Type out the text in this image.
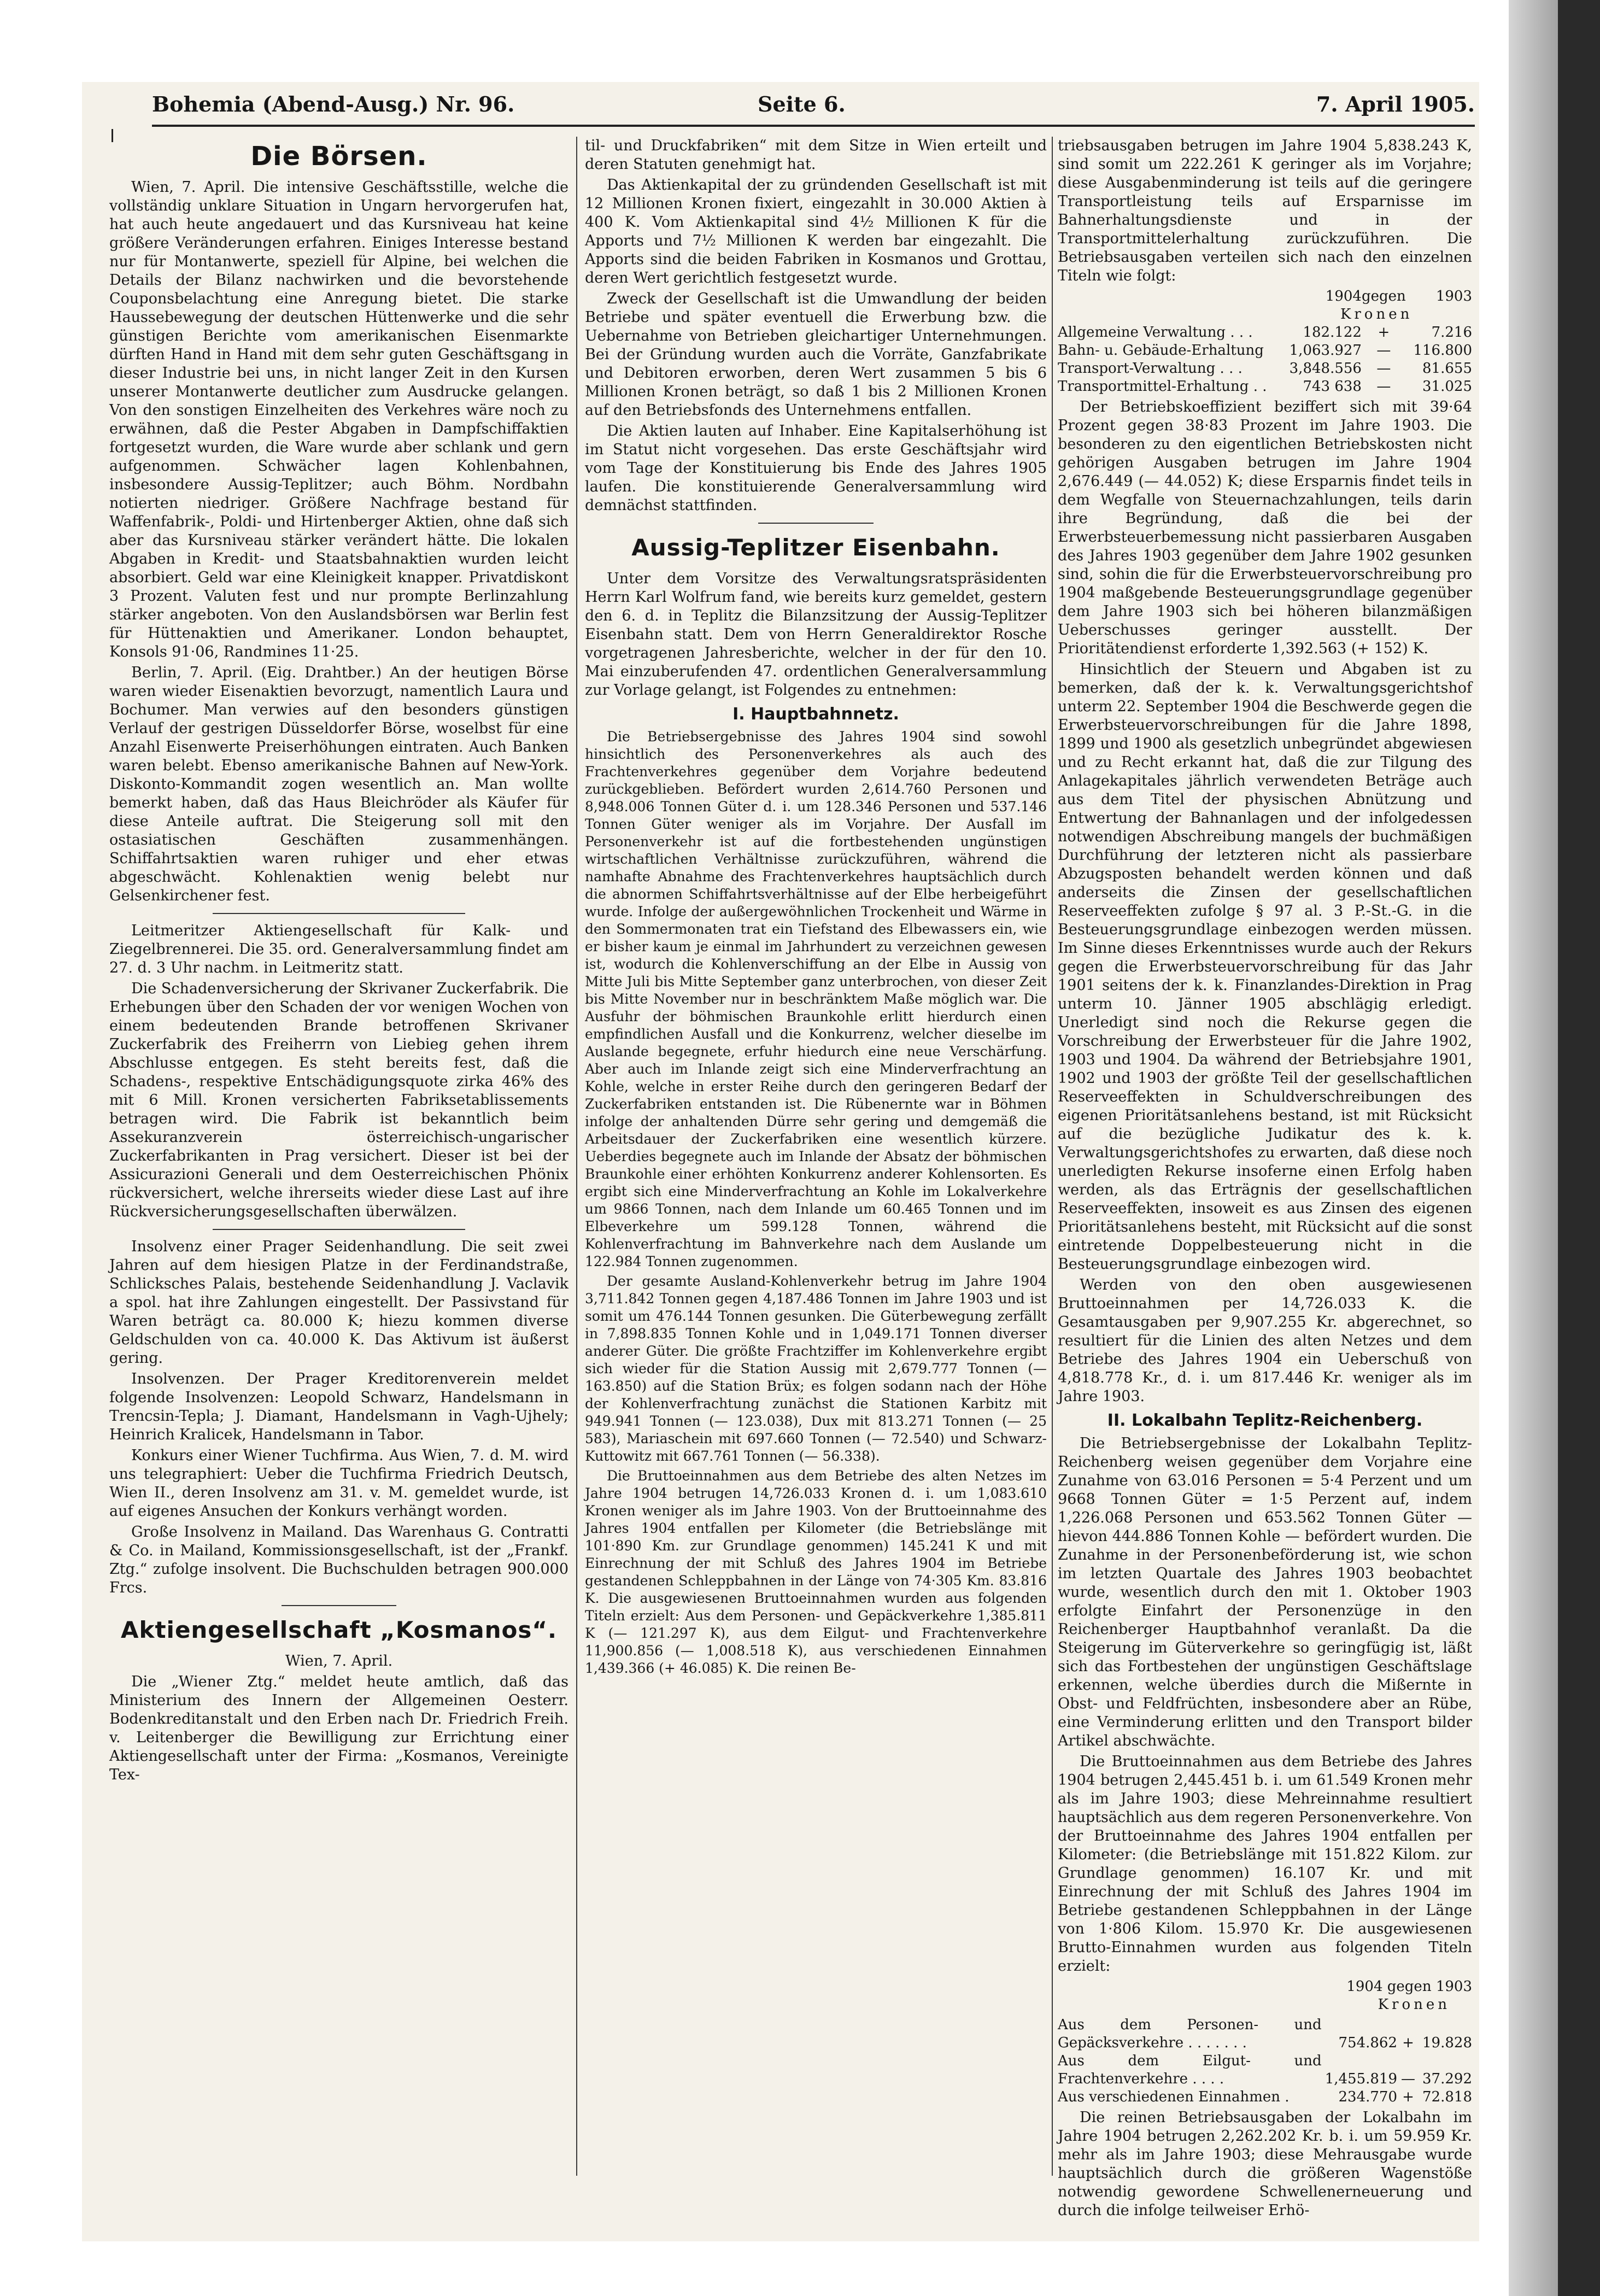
Bohemia (Abend-Ausg.) Nr. 96.	Seite 6.	7. April 1905.
Die Börsen.

Wien, 7. April. Die intensive Geschäftsstille, welche die vollständig unklare Situation in Ungarn hervorgerufen hat, hat auch heute angedauert und das Kursniveau hat keine größere Veränderungen erfahren. Einiges Interesse bestand nur für Montanwerte, speziell für Alpine, bei welchen die Details der Bilanz nachwirken und die bevorstehende Couponsbelachtung eine Anregung bietet. Die starke Haussebewegung der deutschen Hüttenwerke und die sehr günstigen Berichte vom amerikanischen Eisenmarkte dürften Hand in Hand mit dem sehr guten Geschäftsgang in dieser Industrie bei uns, in nicht langer Zeit in den Kursen unserer Montanwerte deutlicher zum Ausdrucke gelangen. Von den sonstigen Einzelheiten des Verkehres wäre noch zu erwähnen, daß die Pester Abgaben in Dampfschiffaktien fortgesetzt wurden, die Ware wurde aber schlank und gern aufgenommen. Schwächer lagen Kohlenbahnen, insbesondere Aussig-Teplitzer; auch Böhm. Nordbahn notierten niedriger. Größere Nachfrage bestand für Waffenfabrik-, Poldi- und Hirtenberger Aktien, ohne daß sich aber das Kursniveau stärker verändert hätte. Die lokalen Abgaben in Kredit- und Staatsbahnaktien wurden leicht absorbiert. Geld war eine Kleinigkeit knapper. Privatdiskont 3 Prozent. Valuten fest und nur prompte Berlinzahlung stärker angeboten. Von den Auslandsbörsen war Berlin fest für Hüttenaktien und Amerikaner. London behauptet, Konsols 91·06, Randmines 11·25.

Berlin, 7. April. (Eig. Drahtber.) An der heutigen Börse waren wieder Eisenaktien bevorzugt, namentlich Laura und Bochumer. Man verwies auf den besonders günstigen Verlauf der gestrigen Düsseldorfer Börse, woselbst für eine Anzahl Eisenwerte Preiserhöhungen eintraten. Auch Banken waren belebt. Ebenso amerikanische Bahnen auf New-York. Diskonto-Kommandit zogen wesentlich an. Man wollte bemerkt haben, daß das Haus Bleichröder als Käufer für diese Anteile auftrat. Die Steigerung soll mit den ostasiatischen Geschäften zusammenhängen. Schiffahrtsaktien waren ruhiger und eher etwas abgeschwächt. Kohlenaktien wenig belebt nur Gelsenkirchener fest.

Leitmeritzer Aktiengesellschaft für Kalk- und Ziegelbrennerei. Die 35. ord. Generalversammlung findet am 27. d. 3 Uhr nachm. in Leitmeritz statt.

Die Schadenversicherung der Skrivaner Zuckerfabrik. Die Erhebungen über den Schaden der vor wenigen Wochen von einem bedeutenden Brande betroffenen Skrivaner Zuckerfabrik des Freiherrn von Liebieg gehen ihrem Abschlusse entgegen. Es steht bereits fest, daß die Schadens-, respektive Entschädigungsquote zirka 46% des mit 6 Mill. Kronen versicherten Fabriksetablissements betragen wird. Die Fabrik ist bekanntlich beim Assekuranzverein österreichisch-ungarischer Zuckerfabrikanten in Prag versichert. Dieser ist bei der Assicurazioni Generali und dem Oesterreichischen Phönix rückversichert, welche ihrerseits wieder diese Last auf ihre Rückversicherungsgesellschaften überwälzen.

Insolvenz einer Prager Seidenhandlung. Die seit zwei Jahren auf dem hiesigen Platze in der Ferdinandstraße, Schlicksches Palais, bestehende Seidenhandlung J. Vaclavik a spol. hat ihre Zahlungen eingestellt. Der Passivstand für Waren beträgt ca. 80.000 K; hiezu kommen diverse Geldschulden von ca. 40.000 K. Das Aktivum ist äußerst gering.

Insolvenzen. Der Prager Kreditorenverein meldet folgende Insolvenzen: Leopold Schwarz, Handelsmann in Trencsin-Tepla; J. Diamant, Handelsmann in Vagh-Ujhely; Heinrich Kralicek, Handelsmann in Tabor.

Konkurs einer Wiener Tuchfirma. Aus Wien, 7. d. M. wird uns telegraphiert: Ueber die Tuchfirma Friedrich Deutsch, Wien II., deren Insolvenz am 31. v. M. gemeldet wurde, ist auf eigenes Ansuchen der Konkurs verhängt worden.

Große Insolvenz in Mailand. Das Warenhaus G. Contratti & Co. in Mailand, Kommissionsgesellschaft, ist der „Frankf. Ztg.“ zufolge insolvent. Die Buchschulden betragen 900.000 Frcs.

Aktiengesellschaft „Kosmanos“.

Wien, 7. April.

Die „Wiener Ztg.“ meldet heute amtlich, daß das Ministerium des Innern der Allgemeinen Oesterr. Bodenkreditanstalt und den Erben nach Dr. Friedrich Freih. v. Leitenberger die Bewilligung zur Errichtung einer Aktiengesellschaft unter der Firma: „Kosmanos, Vereinigte Tex-

til- und Druckfabriken“ mit dem Sitze in Wien erteilt und deren Statuten genehmigt hat.

Das Aktienkapital der zu gründenden Gesellschaft ist mit 12 Millionen Kronen fixiert, eingezahlt in 30.000 Aktien à 400 K. Vom Aktienkapital sind 4½ Millionen K für die Apports und 7½ Millionen K werden bar eingezahlt. Die Apports sind die beiden Fabriken in Kosmanos und Grottau, deren Wert gerichtlich festgesetzt wurde.

Zweck der Gesellschaft ist die Umwandlung der beiden Betriebe und später eventuell die Erwerbung bzw. die Uebernahme von Betrieben gleichartiger Unternehmungen. Bei der Gründung wurden auch die Vorräte, Ganzfabrikate und Debitoren erworben, deren Wert zusammen 5 bis 6 Millionen Kronen beträgt, so daß 1 bis 2 Millionen Kronen auf den Betriebsfonds des Unternehmens entfallen.

Die Aktien lauten auf Inhaber. Eine Kapitalserhöhung ist im Statut nicht vorgesehen. Das erste Geschäftsjahr wird vom Tage der Konstituierung bis Ende des Jahres 1905 laufen. Die konstituierende Generalversammlung wird demnächst stattfinden.

Aussig-Teplitzer Eisenbahn.

Unter dem Vorsitze des Verwaltungsratspräsidenten Herrn Karl Wolfrum fand, wie bereits kurz gemeldet, gestern den 6. d. in Teplitz die Bilanzsitzung der Aussig-Teplitzer Eisenbahn statt. Dem von Herrn Generaldirektor Rosche vorgetragenen Jahresberichte, welcher in der für den 10. Mai einzuberufenden 47. ordentlichen Generalversammlung zur Vorlage gelangt, ist Folgendes zu entnehmen:

I. Hauptbahnnetz.

Die Betriebsergebnisse des Jahres 1904 sind sowohl hinsichtlich des Personenverkehres als auch des Frachtenverkehres gegenüber dem Vorjahre bedeutend zurückgeblieben. Befördert wurden 2,614.760 Personen und 8,948.006 Tonnen Güter d. i. um 128.346 Personen und 537.146 Tonnen Güter weniger als im Vorjahre. Der Ausfall im Personenverkehr ist auf die fortbestehenden ungünstigen wirtschaftlichen Verhältnisse zurückzuführen, während die namhafte Abnahme des Frachtenverkehres hauptsächlich durch die abnormen Schiffahrtsverhältnisse auf der Elbe herbeigeführt wurde. Infolge der außergewöhnlichen Trockenheit und Wärme in den Sommermonaten trat ein Tiefstand des Elbewassers ein, wie er bisher kaum je einmal im Jahrhundert zu verzeichnen gewesen ist, wodurch die Kohlenverschiffung an der Elbe in Aussig von Mitte Juli bis Mitte September ganz unterbrochen, von dieser Zeit bis Mitte November nur in beschränktem Maße möglich war. Die Ausfuhr der böhmischen Braunkohle erlitt hierdurch einen empfindlichen Ausfall und die Konkurrenz, welcher dieselbe im Auslande begegnete, erfuhr hiedurch eine neue Verschärfung. Aber auch im Inlande zeigt sich eine Minderverfrachtung an Kohle, welche in erster Reihe durch den geringeren Bedarf der Zuckerfabriken entstanden ist. Die Rübenernte war in Böhmen infolge der anhaltenden Dürre sehr gering und demgemäß die Arbeitsdauer der Zuckerfabriken eine wesentlich kürzere. Ueberdies begegnete auch im Inlande der Absatz der böhmischen Braunkohle einer erhöhten Konkurrenz anderer Kohlensorten. Es ergibt sich eine Minderverfrachtung an Kohle im Lokalverkehre um 9866 Tonnen, nach dem Inlande um 60.465 Tonnen und im Elbeverkehre um 599.128 Tonnen, während die Kohlenverfrachtung im Bahnverkehre nach dem Auslande um 122.984 Tonnen zugenommen.

Der gesamte Ausland-Kohlenverkehr betrug im Jahre 1904 3,711.842 Tonnen gegen 4,187.486 Tonnen im Jahre 1903 und ist somit um 476.144 Tonnen gesunken. Die Güterbewegung zerfällt in 7,898.835 Tonnen Kohle und in 1,049.171 Tonnen diverser anderer Güter. Die größte Frachtziffer im Kohlenverkehre ergibt sich wieder für die Station Aussig mit 2,679.777 Tonnen (— 163.850) auf die Station Brüx; es folgen sodann nach der Höhe der Kohlenverfrachtung zunächst die Stationen Karbitz mit 949.941 Tonnen (— 123.038), Dux mit 813.271 Tonnen (— 25 583), Mariaschein mit 697.660 Tonnen (— 72.540) und Schwarz-Kuttowitz mit 667.761 Tonnen (— 56.338).

Die Bruttoeinnahmen aus dem Betriebe des alten Netzes im Jahre 1904 betrugen 14,726.033 Kronen d. i. um 1,083.610 Kronen weniger als im Jahre 1903. Von der Bruttoeinnahme des Jahres 1904 entfallen per Kilometer (die Betriebslänge mit 101·890 Km. zur Grundlage genommen) 145.241 K und mit Einrechnung der mit Schluß des Jahres 1904 im Betriebe gestandenen Schleppbahnen in der Länge von 74·305 Km. 83.816 K. Die ausgewiesenen Bruttoeinnahmen wurden aus folgenden Titeln erzielt: Aus dem Personen- und Gepäckverkehre 1,385.811 K (— 121.297 K), aus dem Eilgut- und Frachtenverkehre 11,900.856 (— 1,008.518 K), aus verschiedenen Einnahmen 1,439.366 (+ 46.085) K. Die reinen Be-

triebsausgaben betrugen im Jahre 1904 5,838.243 K, sind somit um 222.261 K geringer als im Vorjahre; diese Ausgabenminderung ist teils auf die geringere Transportleistung teils auf Ersparnisse im Bahnerhaltungsdienste und in der Transportmittelerhaltung zurückzuführen. Die Betriebsausgaben verteilen sich nach den einzelnen Titeln wie folgt:

	1904	gegen	1903
	Kronen		
Allgemeine Verwaltung . . .	182.122	+	7.216
Bahn- u. Gebäude-Erhaltung	1,063.927	—	116.800
Transport-Verwaltung . . .	3,848.556	—	81.655
Transportmittel-Erhaltung . .	743 638	—	31.025

Der Betriebskoeffizient beziffert sich mit 39·64 Prozent gegen 38·83 Prozent im Jahre 1903. Die besonderen zu den eigentlichen Betriebskosten nicht gehörigen Ausgaben betrugen im Jahre 1904 2,676.449 (— 44.052) K; diese Ersparnis findet teils in dem Wegfalle von Steuernachzahlungen, teils darin ihre Begründung, daß die bei der Erwerbsteuerbemessung nicht passierbaren Ausgaben des Jahres 1903 gegenüber dem Jahre 1902 gesunken sind, sohin die für die Erwerbsteuervorschreibung pro 1904 maßgebende Besteuerungsgrundlage gegenüber dem Jahre 1903 sich bei höheren bilanzmäßigen Ueberschusses geringer ausstellt. Der Prioritätendienst erforderte 1,392.563 (+ 152) K.

Hinsichtlich der Steuern und Abgaben ist zu bemerken, daß der k. k. Verwaltungsgerichtshof unterm 22. September 1904 die Beschwerde gegen die Erwerbsteuervorschreibungen für die Jahre 1898, 1899 und 1900 als gesetzlich unbegründet abgewiesen und zu Recht erkannt hat, daß die zur Tilgung des Anlagekapitales jährlich verwendeten Beträge auch aus dem Titel der physischen Abnützung und Entwertung der Bahnanlagen und der infolgedessen notwendigen Abschreibung mangels der buchmäßigen Durchführung der letzteren nicht als passierbare Abzugsposten behandelt werden können und daß anderseits die Zinsen der gesellschaftlichen Reserveeffekten zufolge § 97 al. 3 P.-St.-G. in die Besteuerungsgrundlage einbezogen werden müssen. Im Sinne dieses Erkenntnisses wurde auch der Rekurs gegen die Erwerbsteuervorschreibung für das Jahr 1901 seitens der k. k. Finanzlandes-Direktion in Prag unterm 10. Jänner 1905 abschlägig erledigt. Unerledigt sind noch die Rekurse gegen die Vorschreibung der Erwerbsteuer für die Jahre 1902, 1903 und 1904. Da während der Betriebsjahre 1901, 1902 und 1903 der größte Teil der gesellschaftlichen Reserveeffekten in Schuldverschreibungen des eigenen Prioritätsanlehens bestand, ist mit Rücksicht auf die bezügliche Judikatur des k. k. Verwaltungsgerichtshofes zu erwarten, daß diese noch unerledigten Rekurse insoferne einen Erfolg haben werden, als das Erträgnis der gesellschaftlichen Reserveeffekten, insoweit es aus Zinsen des eigenen Prioritätsanlehens besteht, mit Rücksicht auf die sonst eintretende Doppelbesteuerung nicht in die Besteuerungsgrundlage einbezogen wird.

Werden von den oben ausgewiesenen Bruttoeinnahmen per 14,726.033 K. die Gesamtausgaben per 9,907.255 Kr. abgerechnet, so resultiert für die Linien des alten Netzes und dem Betriebe des Jahres 1904 ein Ueberschuß von 4,818.778 Kr., d. i. um 817.446 Kr. weniger als im Jahre 1903.

II. Lokalbahn Teplitz-Reichenberg.

Die Betriebsergebnisse der Lokalbahn Teplitz-Reichenberg weisen gegenüber dem Vorjahre eine Zunahme von 63.016 Personen = 5·4 Perzent und um 9668 Tonnen Güter = 1·5 Perzent auf, indem 1,226.068 Personen und 653.562 Tonnen Güter — hievon 444.886 Tonnen Kohle — befördert wurden. Die Zunahme in der Personenbeförderung ist, wie schon im letzten Quartale des Jahres 1903 beobachtet wurde, wesentlich durch den mit 1. Oktober 1903 erfolgte Einfahrt der Personenzüge in den Reichenberger Hauptbahnhof veranlaßt. Da die Steigerung im Güterverkehre so geringfügig ist, läßt sich das Fortbestehen der ungünstigen Geschäftslage erkennen, welche überdies durch die Mißernte in Obst- und Feldfrüchten, insbesondere aber an Rübe, eine Verminderung erlitten und den Transport bilder Artikel abschwächte.

Die Bruttoeinnahmen aus dem Betriebe des Jahres 1904 betrugen 2,445.451 b. i. um 61.549 Kronen mehr als im Jahre 1903; diese Mehreinnahme resultiert hauptsächlich aus dem regeren Personenverkehre. Von der Bruttoeinnahme des Jahres 1904 entfallen per Kilometer: (die Betriebslänge mit 151.822 Kilom. zur Grundlage genommen) 16.107 Kr. und mit Einrechnung der mit Schluß des Jahres 1904 im Betriebe gestandenen Schleppbahnen in der Länge von 1·806 Kilom. 15.970 Kr. Die ausgewiesenen Brutto-Einnahmen wurden aus folgenden Titeln erzielt:

1904 gegen 1903
Kronen
Aus dem Personen- und Gepäcksverkehre . . . . . . .	754.862	+	19.828
Aus dem Eilgut- und Frachtenverkehre . . . .	1,455.819	—	37.292
Aus verschiedenen Einnahmen .	234.770	+	72.818

Die reinen Betriebsausgaben der Lokalbahn im Jahre 1904 betrugen 2,262.202 Kr. b. i. um 59.959 Kr. mehr als im Jahre 1903; diese Mehrausgabe wurde hauptsächlich durch die größeren Wagenstöße notwendig gewordene Schwellenerneuerung und durch die infolge teilweiser Erhö-
